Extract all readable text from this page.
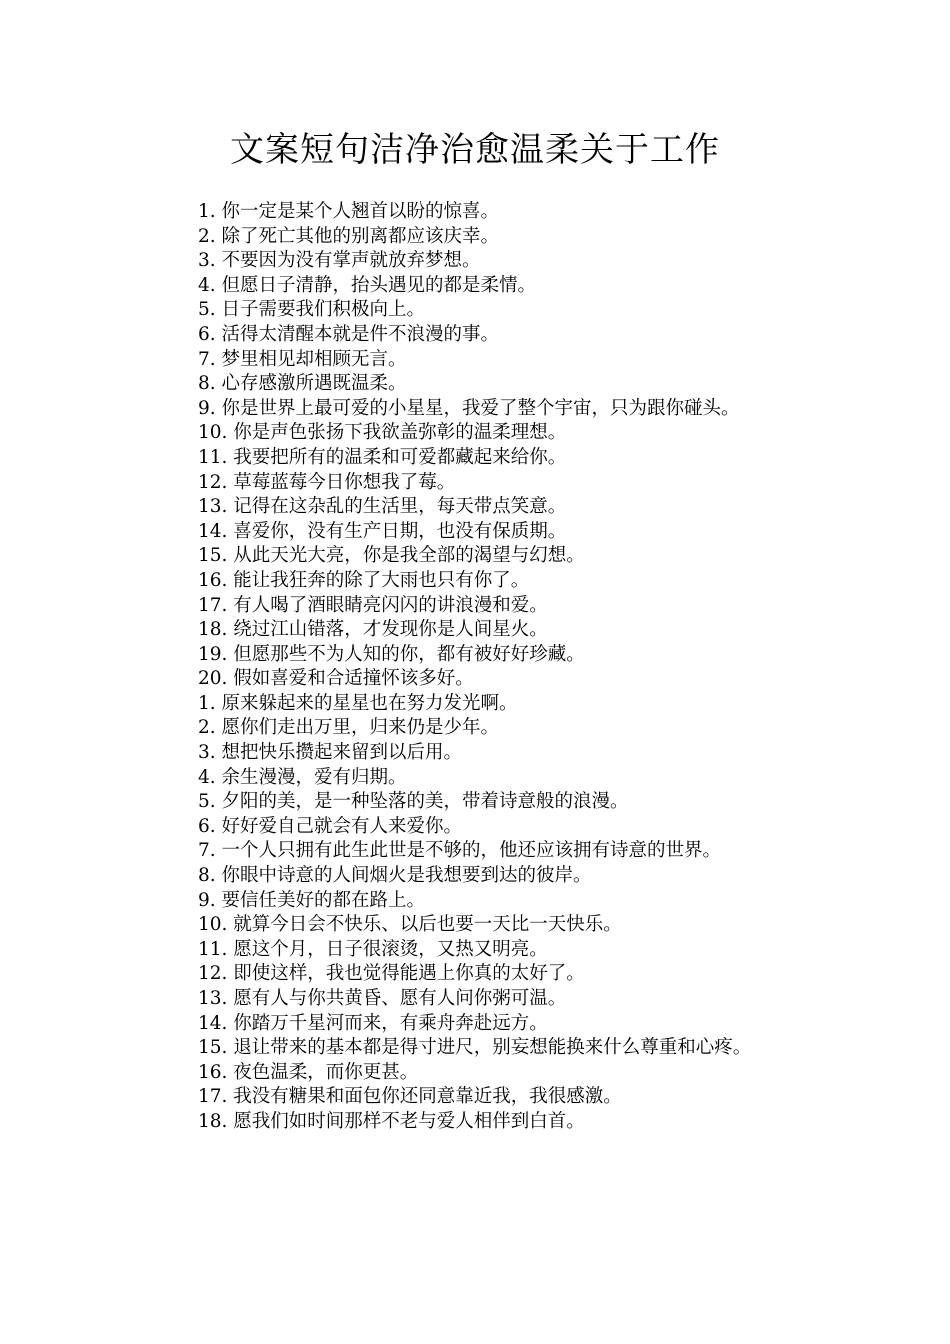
文案短句洁净治愈温柔关于工作
1. 你一定是某个人翘首以盼的惊喜。
2. 除了死亡其他的别离都应该庆幸。
3. 不要因为没有掌声就放弃梦想。
4. 但愿日子清静，抬头遇见的都是柔情。
5. 日子需要我们积极向上。
6. 活得太清醒本就是件不浪漫的事。
7. 梦里相见却相顾无言。
8. 心存感激所遇既温柔。
9. 你是世界上最可爱的小星星，我爱了整个宇宙，只为跟你碰头。
10. 你是声色张扬下我欲盖弥彰的温柔理想。
11. 我要把所有的温柔和可爱都藏起来给你。
12. 草莓蓝莓今日你想我了莓。
13. 记得在这杂乱的生活里，每天带点笑意。
14. 喜爱你，没有生产日期，也没有保质期。
15. 从此天光大亮，你是我全部的渴望与幻想。
16. 能让我狂奔的除了大雨也只有你了。
17. 有人喝了酒眼睛亮闪闪的讲浪漫和爱。
18. 绕过江山错落，才发现你是人间星火。
19. 但愿那些不为人知的你，都有被好好珍藏。
20. 假如喜爱和合适撞怀该多好。
1. 原来躲起来的星星也在努力发光啊。
2. 愿你们走出万里，归来仍是少年。
3. 想把快乐攒起来留到以后用。
4. 余生漫漫，爱有归期。
5. 夕阳的美，是一种坠落的美，带着诗意般的浪漫。
6. 好好爱自己就会有人来爱你。
7. 一个人只拥有此生此世是不够的，他还应该拥有诗意的世界。
8. 你眼中诗意的人间烟火是我想要到达的彼岸。
9. 要信任美好的都在路上。
10. 就算今日会不快乐、以后也要一天比一天快乐。
11. 愿这个月，日子很滚烫，又热又明亮。
12. 即使这样，我也觉得能遇上你真的太好了。
13. 愿有人与你共黄昏、愿有人问你粥可温。
14. 你踏万千星河而来，有乘舟奔赴远方。
15. 退让带来的基本都是得寸进尺，别妄想能换来什么尊重和心疼。
16. 夜色温柔，而你更甚。
17. 我没有糖果和面包你还同意靠近我，我很感激。
18. 愿我们如时间那样不老与爱人相伴到白首。
